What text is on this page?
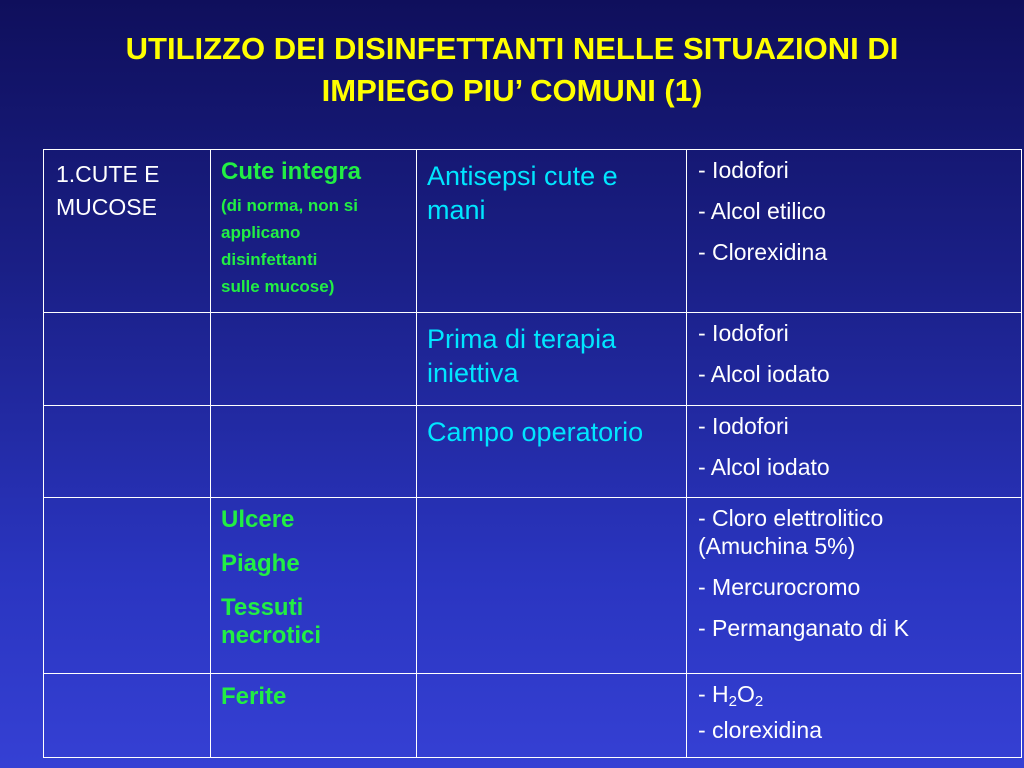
UTILIZZO DEI DISINFETTANTI NELLE SITUAZIONI DI
IMPIEGO PIU’ COMUNI (1)
1.CUTE E
MUCOSE	Cute integra
(di norma, non si
applicano
disinfettanti
sulle mucose)	Antisepsi cute e mani	- Iodofori
- Alcol etilico
- Clorexidina

		Prima di terapia iniettiva	- Iodofori
- Alcol iodato

		Campo operatorio	- Iodofori
- Alcol iodato

	Ulcere
Piaghe
Tessuti necrotici		- Cloro elettrolitico
(Amuchina 5%)
- Mercurocromo
- Permanganato di K

	Ferite		- $H_2O_2$
- clorexidina
